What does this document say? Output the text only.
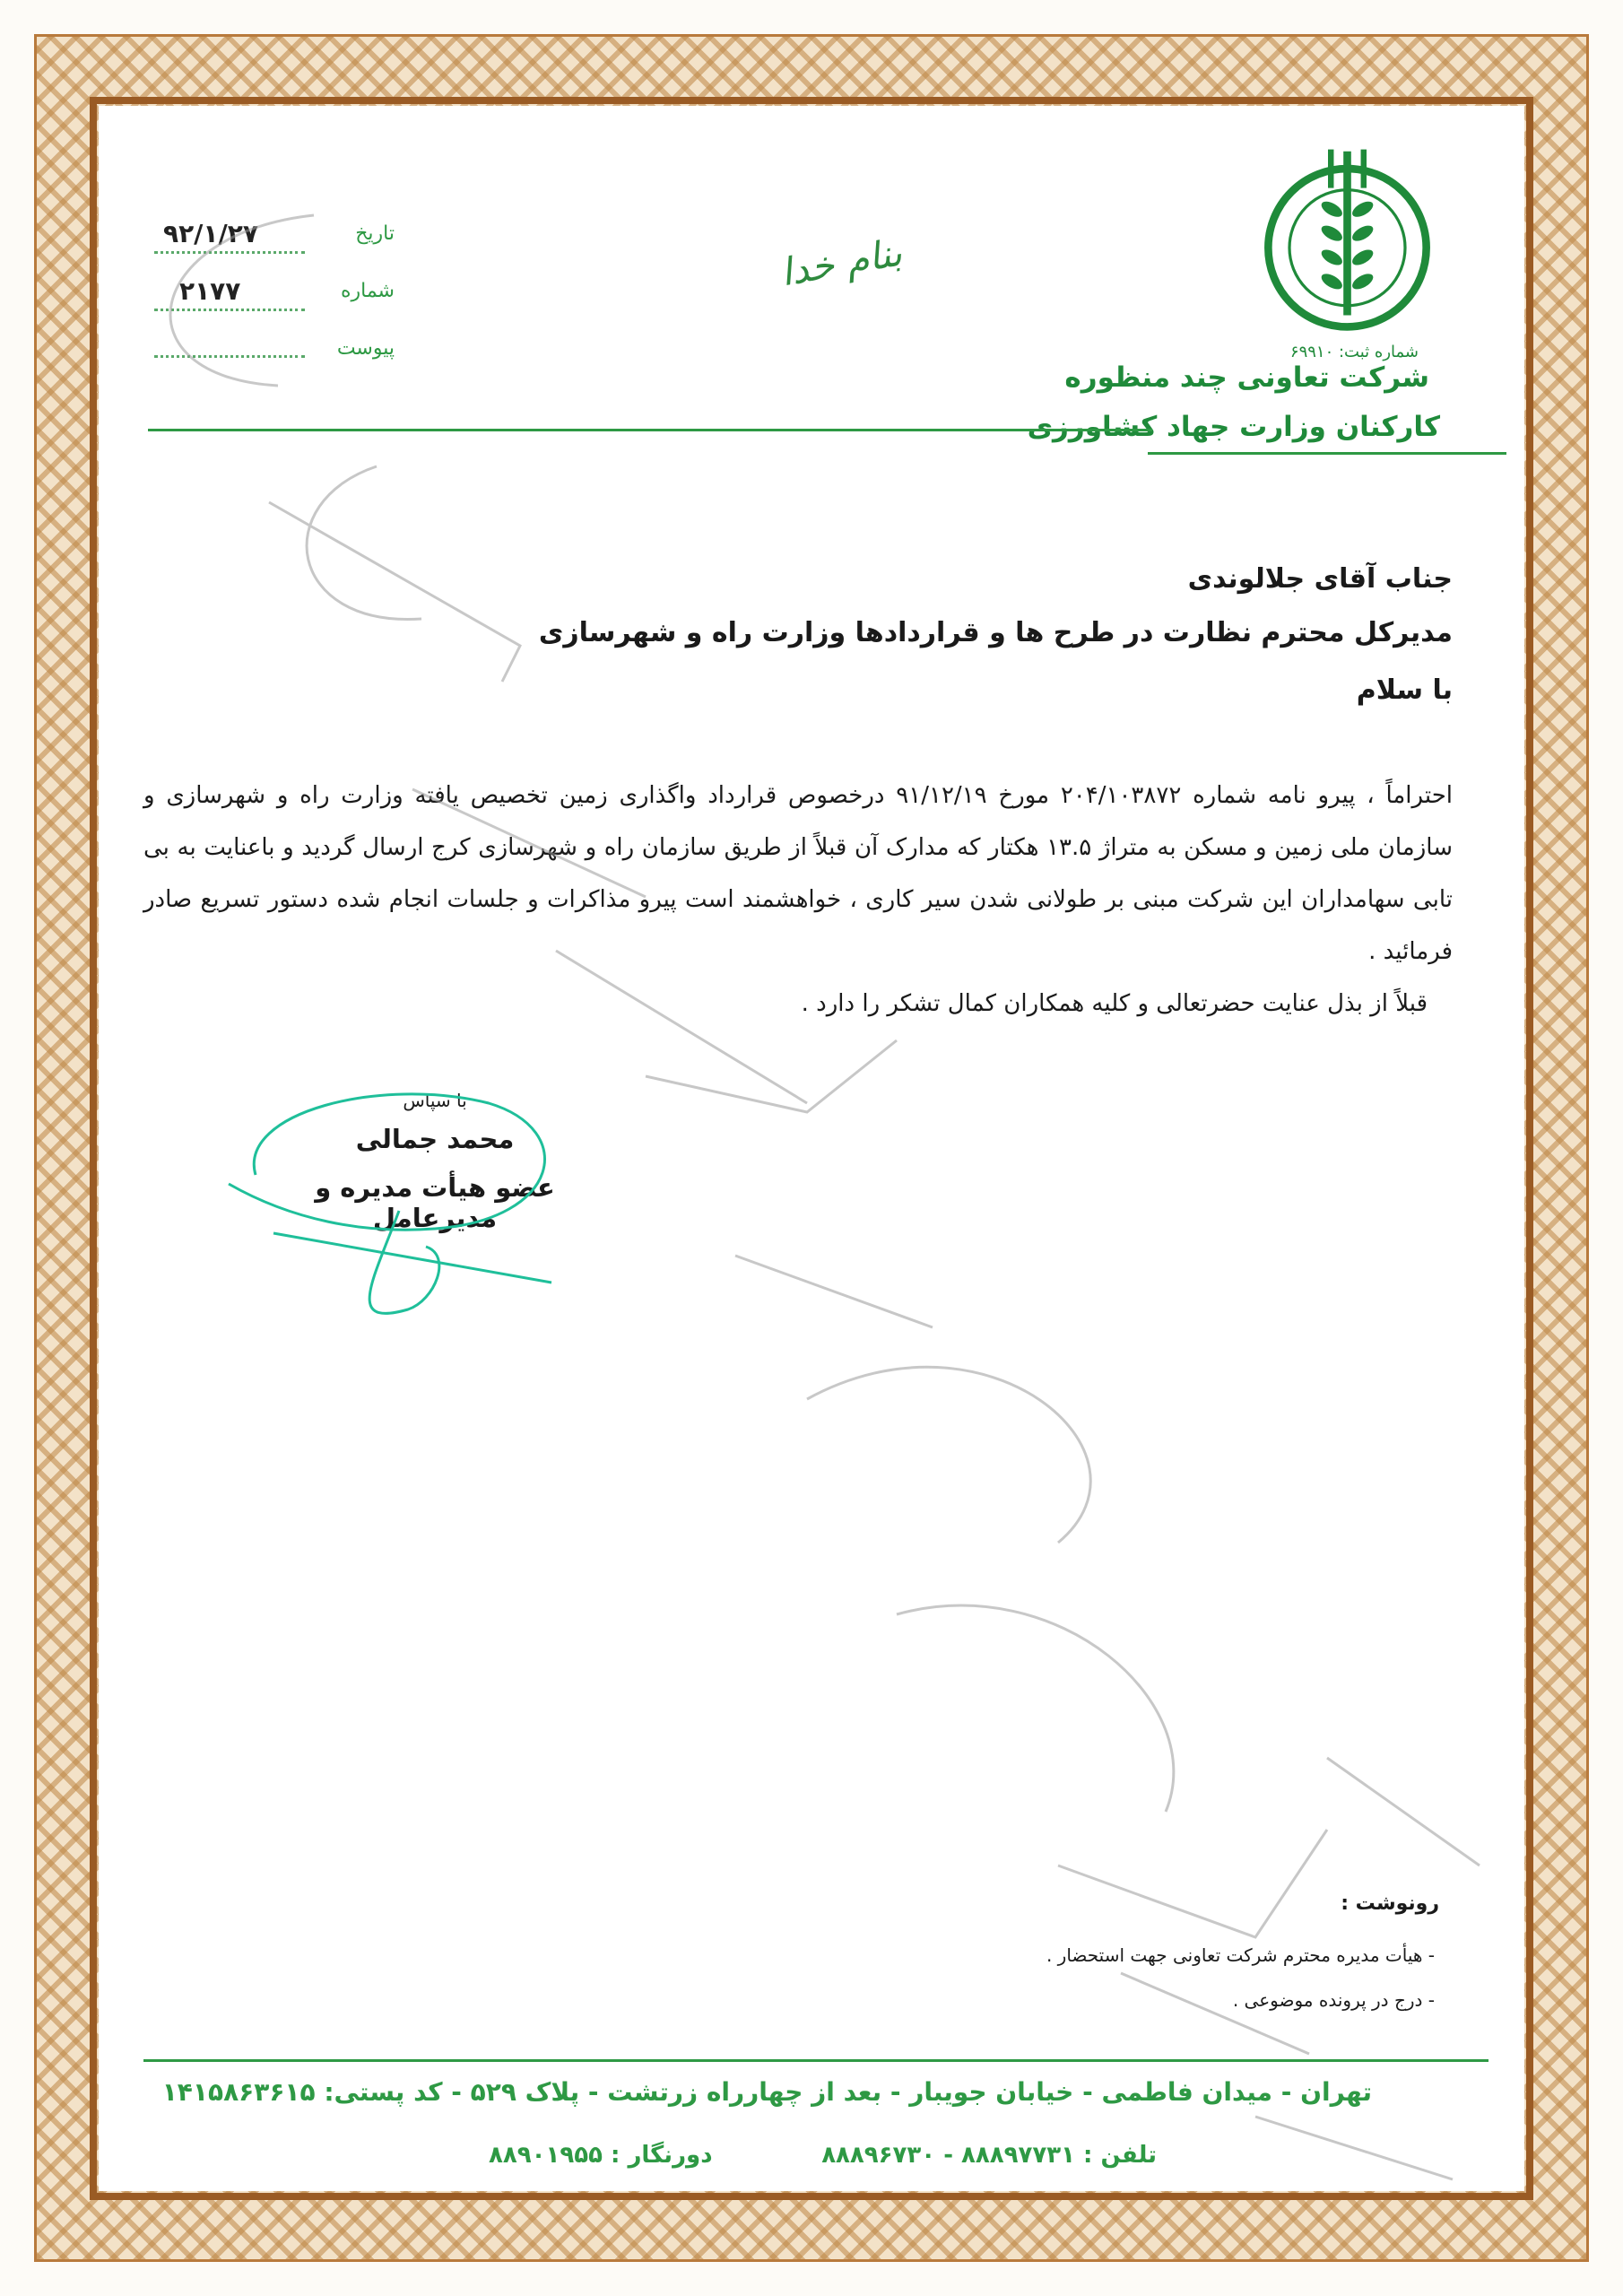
شماره ثبت: ۶۹۹۱۰
شرکت تعاونی چند منظوره
کارکنان وزارت جهاد کشاورزی
بنام خدا
تاریخ
۹۲/۱/۲۷
شماره
۲۱۷۷
پیوست
جناب آقای جلالوندی
مدیرکل محترم نظارت در طرح ها و قراردادها وزارت راه و شهرسازی
با سلام

احتراماً ، پیرو نامه شماره ۲۰۴/۱۰۳۸۷۲ مورخ ۹۱/۱۲/۱۹ درخصوص قرارداد واگذاری زمین تخصیص یافته وزارت راه و شهرسازی و سازمان ملی زمین و مسکن به متراژ ۱۳.۵ هکتار که مدارک آن قبلاً از طریق سازمان راه و شهرسازی کرج ارسال گردید و باعنایت به بی تابی سهامداران این شرکت مبنی بر طولانی شدن سیر کاری ، خواهشمند است پیرو مذاکرات و جلسات انجام شده دستور تسریع صادر فرمائید .

قبلاً از بذل عنایت حضرتعالی و کلیه همکاران کمال تشکر را دارد .

با سپاس
محمد جمالی
عضو هیأت مدیره و مدیرعامل
رونوشت :
- هیأت مدیره محترم شرکت تعاونی جهت استحضار .
- درج در پرونده موضوعی .
تهران - میدان فاطمی - خیابان جویبار - بعد از چهارراه زرتشت - پلاک ۵۲۹ - کد پستی: ۱۴۱۵۸۶۳۶۱۵
تلفن : ۸۸۸۹۷۷۳۱ - ۸۸۸۹۶۷۳۰
دورنگار : ۸۸۹۰۱۹۵۵
